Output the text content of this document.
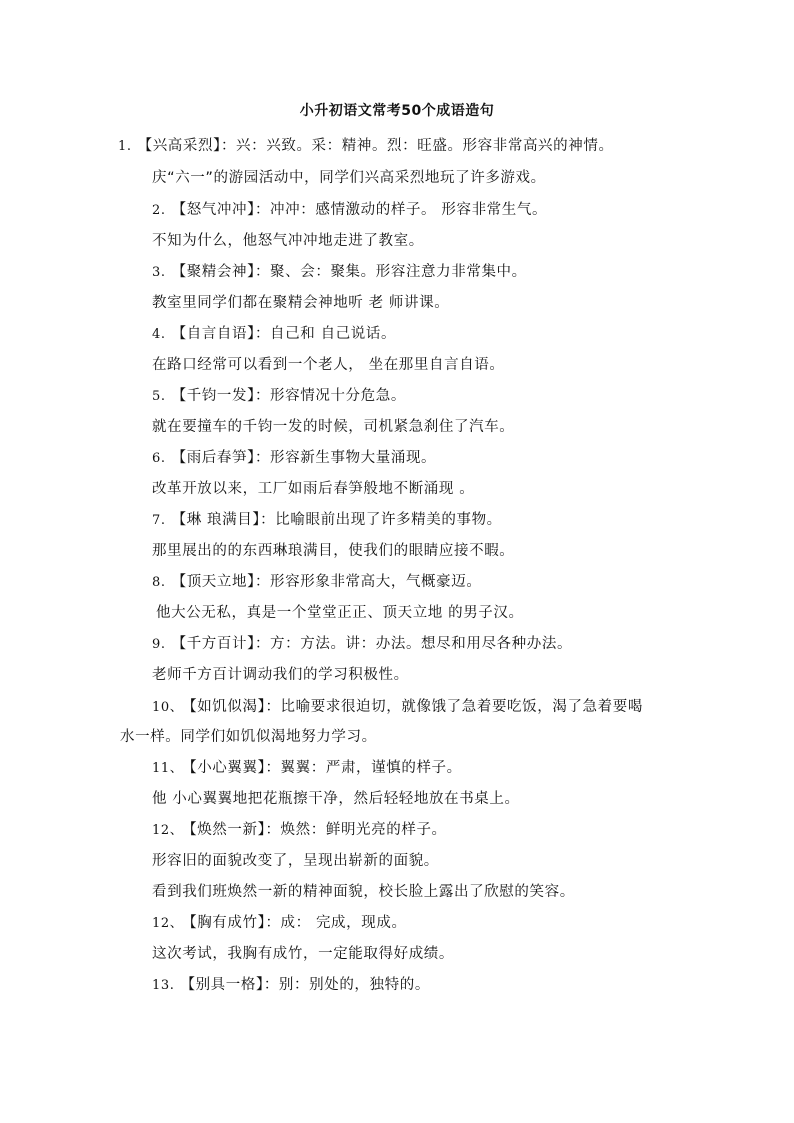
小升初语文常考50个成语造句
1. 【兴高采烈】：兴：兴致。采：精神。烈：旺盛。形容非常高兴的神情。
庆“六一”的游园活动中，同学们兴高采烈地玩了许多游戏。
2. 【怒气冲冲】：冲冲：感情激动的样子。 形容非常生气。
不知为什么，他怒气冲冲地走进了教室。
3. 【聚精会神】：聚、会：聚集。形容注意力非常集中。
教室里同学们都在聚精会神地听 老 师讲课。
4. 【自言自语】：自己和 自己说话。
在路口经常可以看到一个老人， 坐在那里自言自语。
5. 【千钧一发】：形容情况十分危急。
就在要撞车的千钧一发的时候，司机紧急刹住了汽车。
6. 【雨后春笋】：形容新生事物大量涌现。
改革开放以来，工厂如雨后春笋般地不断涌现 。
7. 【琳 琅满目】：比喻眼前出现了许多精美的事物。
那里展出的的东西琳琅满目，使我们的眼睛应接不暇。
8. 【顶天立地】：形容形象非常高大，气概豪迈。
他大公无私，真是一个堂堂正正、顶天立地 的男子汉。
9. 【千方百计】：方：方法。讲：办法。想尽和用尽各种办法。
老师千方百计调动我们的学习积极性。
10、 【如饥似渴】：比喻要求很迫切，就像饿了急着要吃饭，渴了急着要喝
水一样。同学们如饥似渴地努力学习。
11、 【小心翼翼】：翼翼：严肃，谨慎的样子。
他 小心翼翼地把花瓶擦干净，然后轻轻地放在书桌上。
12、 【焕然一新】：焕然：鲜明光亮的样子。
形容旧的面貌改变了，呈现出崭新的面貌。
看到我们班焕然一新的精神面貌，校长脸上露出了欣慰的笑容。
12、 【胸有成竹】：成： 完成，现成。
这次考试，我胸有成竹，一定能取得好成绩。
13. 【别具一格】：别：别处的，独特的。
